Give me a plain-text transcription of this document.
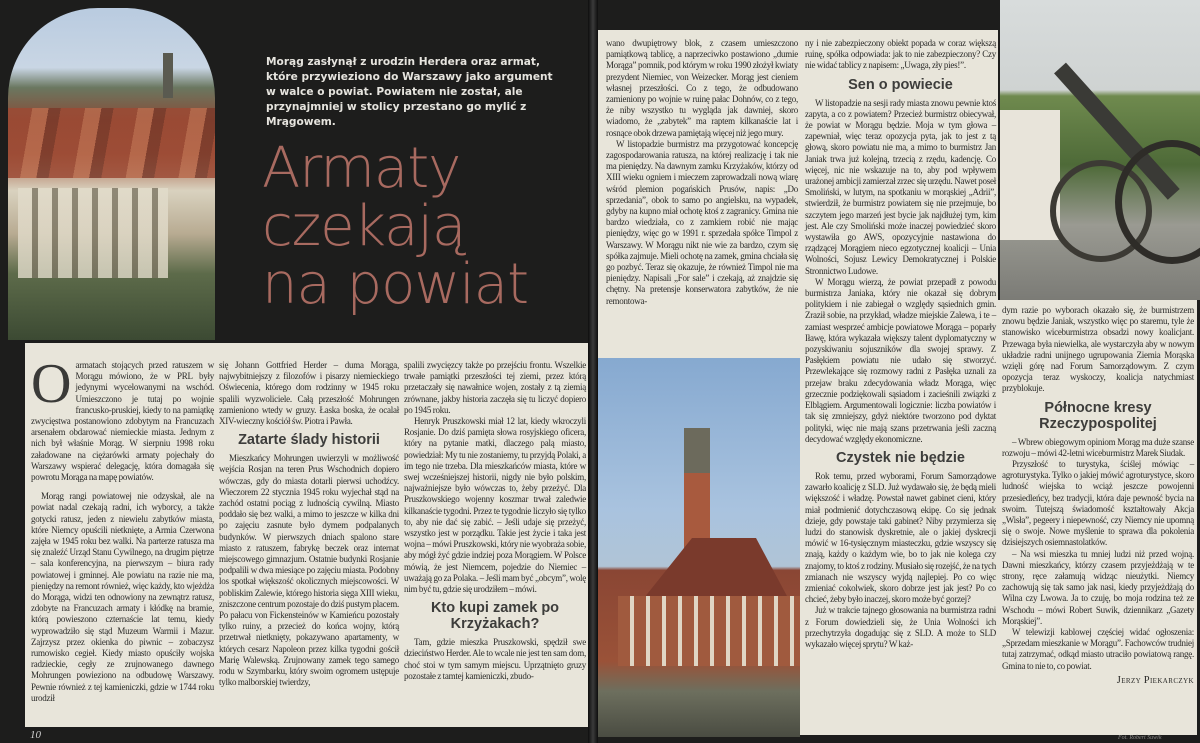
Morąg zasłynął z urodzin Herdera oraz armat, które przywieziono do Warszawy jako argument w walce o powiat. Powiatem nie został, ale przynajmniej w stolicy przestano go mylić z Mrągowem.
Armaty
czekają
na powiat
O armatach stojących przed ratuszem w Morągu mówiono, że w PRL były jedynymi wycelowanymi na wschód. Umieszczono je tutaj po wojnie francusko-pruskiej, kiedy to na pamiątkę zwycięstwa postanowiono zdobytym na Francuzach arsenałem obdarować niemieckie miasta. Jednym z nich był właśnie Morąg. W sierpniu 1998 roku załadowane na ciężarówki armaty pojechały do Warszawy wspierać delegację, która domagała się powrotu Morąga na mapę powiatów.

Morąg rangi powiatowej nie odzyskał, ale na powiat nadal czekają radni, ich wyborcy, a także gotycki ratusz, jeden z niewielu zabytków miasta, które Niemcy opuścili nietknięte, a Armia Czerwona zajęła w 1945 roku bez walki. Na parterze ratusza ma się znaleźć Urząd Stanu Cywilnego, na drugim piętrze – sala konferencyjna, na pierwszym – biura rady powiatowej i gminnej. Ale powiatu na razie nie ma, pieniędzy na remont również, więc każdy, kto wjeżdża do Morąga, widzi ten odnowiony na zewnątrz ratusz, zdobyte na Francuzach armaty i kłódkę na bramie, którą powieszono czternaście lat temu, kiedy wyprowadziło się stąd Muzeum Warmii i Mazur. Zajrzysz przez okienka do piwnic – zobaczysz rumowisko cegieł. Kiedy miasto opuściły wojska radzieckie, cegły ze zrujnowanego dawnego Mohrungen powieziono na odbudowę Warszawy. Pewnie również z tej kamieniczki, gdzie w 1744 roku urodził

się Johann Gottfried Herder – duma Morąga, najwybitniejszy z filozofów i pisarzy niemieckiego Oświecenia, którego dom rodzinny w 1945 roku spalili wyzwoliciele. Całą przeszłość Mohrungen zamieniono wtedy w gruzy. Łaska boska, że ocalał XIV-wieczny kościół św. Piotra i Pawła.

Zatarte ślady historii

Mieszkańcy Mohrungen uwierzyli w możliwość wejścia Rosjan na teren Prus Wschodnich dopiero wówczas, gdy do miasta dotarli pierwsi uchodźcy. Wieczorem 22 stycznia 1945 roku wyjechał stąd na zachód ostatni pociąg z ludnością cywilną. Miasto poddało się bez walki, a mimo to jeszcze w kilka dni po zajęciu zasnute było dymem podpalanych budynków. W pierwszych dniach spalono stare miasto z ratuszem, fabrykę beczek oraz internat miejscowego gimnazjum. Ostatnie budynki Rosjanie podpalili w dwa miesiące po zajęciu miasta. Podobny los spotkał większość okolicznych miejscowości. W pobliskim Zalewie, którego historia sięga XIII wieku, zniszczone centrum pozostaje do dziś pustym placem. Po pałacu von Fickensteinów w Kamieńcu pozostały tylko ruiny, a przecież do końca wojny, którą przetrwał nietknięty, pokazywano apartamenty, w których cesarz Napoleon przez kilka tygodni gościł Marię Walewską. Zrujnowany zamek tego samego rodu w Szymbarku, który swoim ogromem ustępuje tylko malborskiej twierdzy,

spalili zwycięzcy także po przejściu frontu. Wszelkie trwałe pamiątki przeszłości tej ziemi, przez którą przetaczały się nawałnice wojen, zostały z tą ziemią zrównane, jakby historia zaczęła się tu liczyć dopiero po 1945 roku.

Henryk Pruszkowski miał 12 lat, kiedy wkroczyli Rosjanie. Do dziś pamięta słowa rosyjskiego oficera, który na pytanie matki, dlaczego palą miasto, powiedział: My tu nie zostaniemy, tu przyjdą Polaki, a im tego nie trzeba. Dla mieszkańców miasta, które w swej wcześniejszej historii, nigdy nie było polskim, najważniejsze było wówczas to, żeby przeżyć. Dla Pruszkowskiego wojenny koszmar trwał zaledwie kilkanaście tygodni. Przez te tygodnie liczyło się tylko to, aby nie dać się zabić. – Jeśli udaje się przeżyć, wszystko jest w porządku. Takie jest życie i taka jest wojna – mówi Pruszkowski, który nie wyobraża sobie, aby mógł żyć gdzie indziej poza Morągiem. W Polsce mówią, że jest Niemcem, pojedzie do Niemiec – uważają go za Polaka. – Jeśli mam być „obcym”, wolę nim być tu, gdzie się urodziłem – mówi.

Kto kupi zamek po Krzyżakach?

Tam, gdzie mieszka Pruszkowski, spędził swe dzieciństwo Herder. Ale to wcale nie jest ten sam dom, choć stoi w tym samym miejscu. Uprzątnięto gruzy pozostałe z tamtej kamieniczki, zbudo-

10

wano dwupiętrowy blok, z czasem umieszczono pamiątkową tablicę, a naprzeciwko postawiono „dumie Morąga” pomnik, pod którym w roku 1990 złożył kwiaty prezydent Niemiec, von Weizecker. Morąg jest cieniem własnej przeszłości. Co z tego, że odbudowano zamieniony po wojnie w ruinę pałac Dohnów, co z tego, że niby wszystko tu wygląda jak dawniej, skoro wiadomo, że „zabytek” ma raptem kilkanaście lat i rosnące obok drzewa pamiętają więcej niż jego mury.

W listopadzie burmistrz ma przygotować koncepcję zagospodarowania ratusza, na której realizację i tak nie ma pieniędzy. Na dawnym zamku Krzyżaków, którzy od XIII wieku ogniem i mieczem zaprowadzali nową wiarę wśród plemion pogańskich Prusów, napis: „Do sprzedania”, obok to samo po angielsku, na wypadek, gdyby na kupno miał ochotę ktoś z zagranicy. Gmina nie bardzo wiedziała, co z zamkiem robić nie mając pieniędzy, więc go w 1991 r. sprzedała spółce Timpol z Warszawy. W Morągu nikt nie wie za bardzo, czym się spółka zajmuje. Mieli ochotę na zamek, gmina chciała się go pozbyć. Teraz się okazuje, że również Timpol nie ma pieniędzy. Napisali „For sale” i czekają, aż znajdzie się chętny. Na pretensje konserwatora zabytków, że nie remontowa-

ny i nie zabezpieczony obiekt popada w coraz większą ruinę, spółka odpowiada: jak to nie zabezpieczony? Czy nie widać tablicy z napisem: „Uwaga, zły pies!”.

Sen o powiecie

W listopadzie na sesji rady miasta znowu pewnie ktoś zapyta, a co z powiatem? Przecież burmistrz obiecywał, że powiat w Morągu będzie. Moja w tym głowa – zapewniał, więc teraz opozycja pyta, jak to jest z tą głową, skoro powiatu nie ma, a mimo to burmistrz Jan Janiak trwa już kolejną, trzecią z rzędu, kadencję. Co więcej, nic nie wskazuje na to, aby pod wpływem urażonej ambicji zamierzał zrzec się urzędu. Nawet poseł Smoliński, w lutym, na spotkaniu w morąskiej „Adrii”, stwierdził, że burmistrz powiatem się nie przejmuje, bo szczytem jego marzeń jest bycie jak najdłużej tym, kim jest. Ale czy Smoliński może inaczej powiedzieć skoro wystawiła go AWS, opozycyjnie nastawiona do rządzącej Morągiem nieco egzotycznej koalicji – Unia Wolności, Sojusz Lewicy Demokratycznej i Polskie Stronnictwo Ludowe.

W Morągu wierzą, że powiat przepadł z powodu burmistrza Janiaka, który nie okazał się dobrym politykiem i nie zabiegał o względy sąsiednich gmin. Zraził sobie, na przykład, władze miejskie Zalewa, i te – zamiast wesprzeć ambicje powiatowe Morąga – poparły Iławę, która wykazała większy talent dyplomatyczny w pozyskiwaniu sojuszników dla swojej sprawy. Z Pasłękiem powiatu nie udało się stworzyć. Przewlekające się rozmowy radni z Pasłęka uznali za przejaw braku zdecydowania władz Morąga, więc grzecznie podziękowali sąsiadom i zacieśnili związki z Elblągiem. Argumentowali logicznie: liczba powiatów i tak się zmniejszy, gdyż niektóre tworzono pod dyktat polityki, więc nie mają szans przetrwania jeśli zaczną decydować względy ekonomiczne.

Czystek nie będzie

Rok temu, przed wyborami, Forum Samorządowe zawarło koalicję z SLD. Już wydawało się, że będą mieli większość i władzę. Powstał nawet gabinet cieni, który miał podmienić dotychczasową ekipę. Co się jednak dzieje, gdy powstaje taki gabinet? Niby przymierza się ludzi do stanowisk dyskretnie, ale o jakiej dyskrecji mówić w 16-tysięcznym miasteczku, gdzie wszyscy się znają, każdy o każdym wie, bo to jak nie kolega czy znajomy, to ktoś z rodziny. Musiało się rozejść, że na tych zmianach nie wszyscy wyjdą najlepiej. Po co więc zmieniać cokolwiek, skoro dobrze jest jak jest? Po co chcieć, żeby było inaczej, skoro może być gorzej?

Już w trakcie tajnego głosowania na burmistrza radni z Forum dowiedzieli się, że Unia Wolności ich przechytrzyła dogadując się z SLD. A może to SLD wykazało więcej sprytu? W każ-

dym razie po wyborach okazało się, że burmistrzem znowu będzie Janiak, wszystko więc po staremu, tyle że stanowisko wiceburmistrza obsadzi nowy koalicjant. Przewaga była niewielka, ale wystarczyła aby w nowym układzie radni unijnego ugrupowania Ziemia Morąska wzięli górę nad Forum Samorządowym. Z czym opozycja teraz wyskoczy, koalicja natychmiast przyblokuje.

Północne kresy Rzeczypospolitej

– Wbrew obiegowym opiniom Morąg ma duże szanse rozwoju – mówi 42-letni wiceburmistrz Marek Siudak.

Przyszłość to turystyka, ściślej mówiąc – agroturystyka. Tylko o jakiej mówić agroturystyce, skoro ludność wiejska to wciąż jeszcze powojenni przesiedleńcy, bez tradycji, która daje pewność bycia na swoim. Tutejszą świadomość kształtowały Akcja „Wisła”, pegeery i niepewność, czy Niemcy nie upomną się o swoje. Nowe myślenie to sprawa dla pokolenia dzisiejszych osiemnastolatków.

– Na wsi mieszka tu mniej ludzi niż przed wojną. Dawni mieszkańcy, którzy czasem przyjeżdżają w te strony, ręce załamują widząc nieużytki. Niemcy zachowują się tak samo jak nasi, kiedy przyjeżdżają do Wilna czy Lwowa. Ja to czuję, bo moja rodzina też ze Wschodu – mówi Robert Suwik, dziennikarz „Gazety Morąskiej”.

W telewizji kablowej częściej widać ogłoszenia: „Sprzedam mieszkanie w Morągu”. Fachowców trudniej tutaj zatrzymać, odkąd miasto utraciło powiatową rangę. Gmina to nie to, co powiat.

Jerzy Piekarczyk
Fot. Robert Suwik
